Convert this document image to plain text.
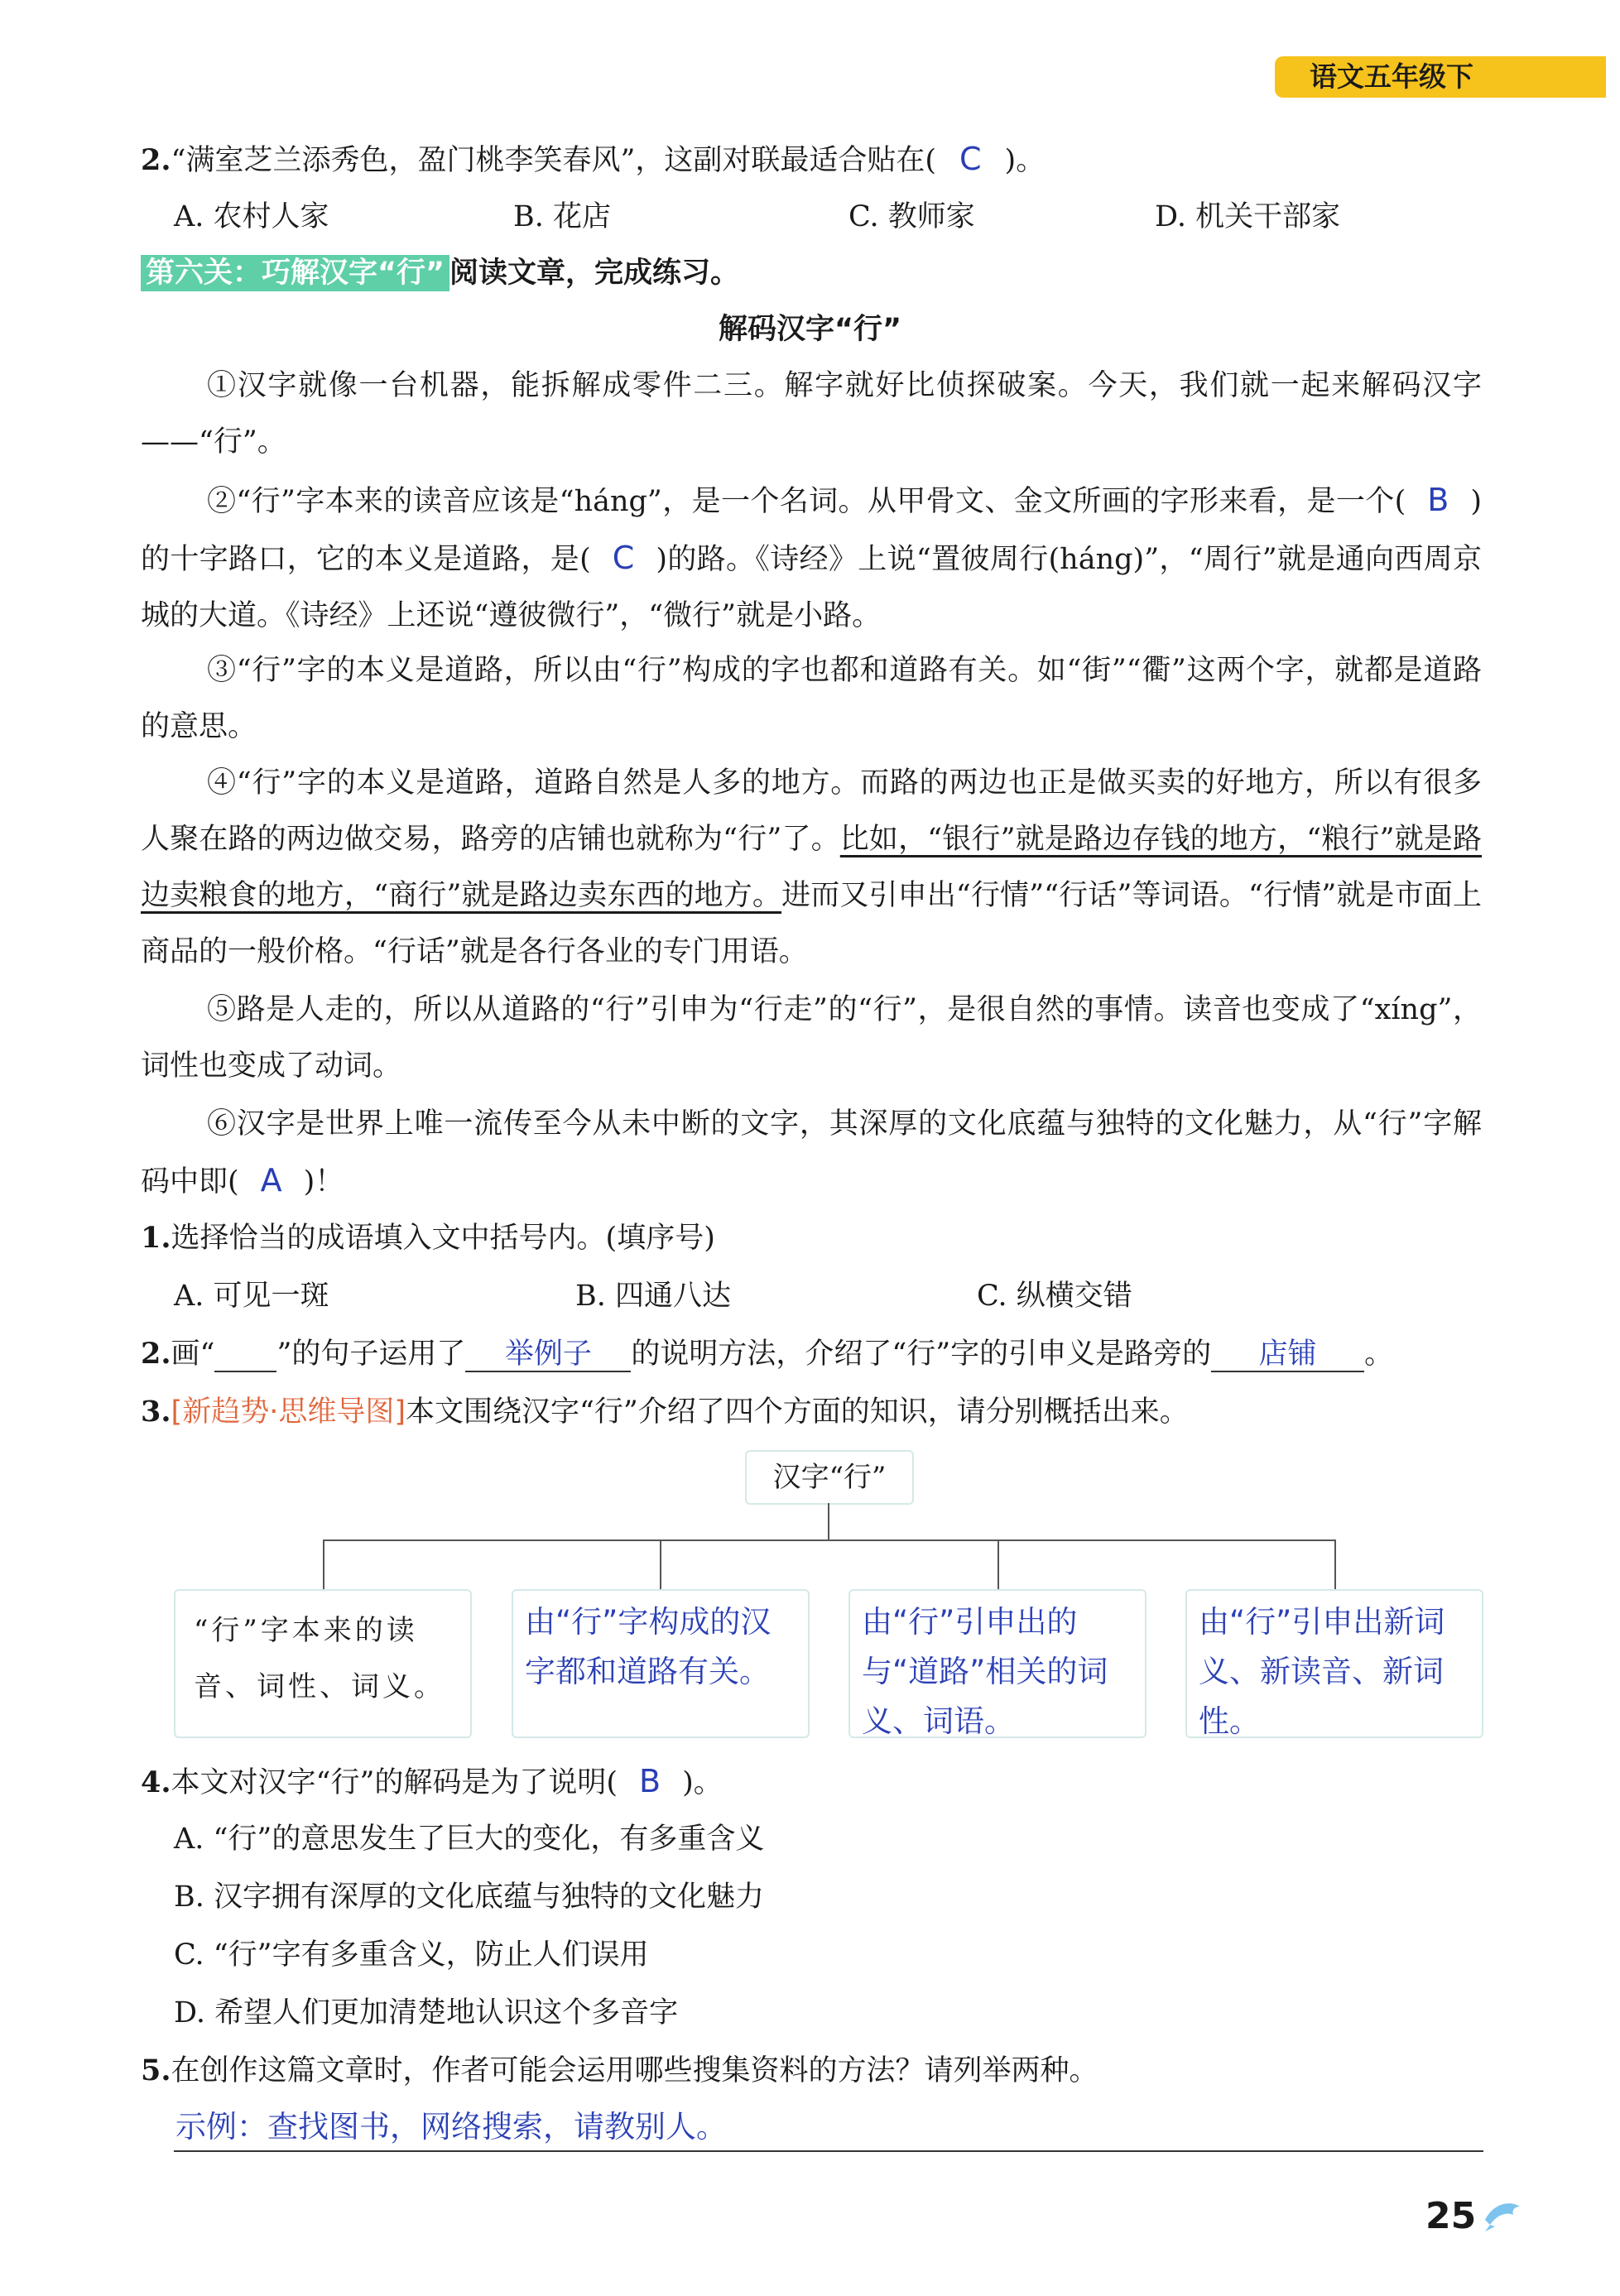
语文五年级下
2.“满室芝兰添秀色，盈门桃李笑春风”，这副对联最适合贴在( C )。
A. 农村人家	B. 花店	C. 教师家	D. 机关干部家
第六关：巧解汉字“行” 阅读文章，完成练习。
解码汉字“行”
①汉字就像一台机器，能拆解成零件二三。解字就好比侦探破案。今天，我们就一起来解码汉字——“行”。
②“行”字本来的读音应该是“háng”，是一个名词。从甲骨文、金文所画的字形来看，是一个( B )的十字路口，它的本义是道路，是( C )的路。《诗经》上说“置彼周行(háng)”，“周行”就是通向西周京城的大道。《诗经》上还说“遵彼微行”，“微行”就是小路。
③“行”字的本义是道路，所以由“行”构成的字也都和道路有关。如“街”“衢”这两个字，就都是道路的意思。
④“行”字的本义是道路，道路自然是人多的地方。而路的两边也正是做买卖的好地方，所以有很多人聚在路的两边做交易，路旁的店铺也就称为“行”了。比如，“银行”就是路边存钱的地方，“粮行”就是路边卖粮食的地方，“商行”就是路边卖东西的地方。进而又引申出“行情”“行话”等词语。“行情”就是市面上商品的一般价格。“行话”就是各行各业的专门用语。
⑤路是人走的，所以从道路的“行”引申为“行走”的“行”，是很自然的事情。读音也变成了“xíng”，词性也变成了动词。
⑥汉字是世界上唯一流传至今从未中断的文字，其深厚的文化底蕴与独特的文化魅力，从“行”字解码中即( A )！
1.选择恰当的成语填入文中括号内。(填序号)
A. 可见一斑	B. 四通八达	C. 纵横交错
2.画“ ”的句子运用了 举例子 的说明方法，介绍了“行”字的引申义是路旁的 店铺 。
3.[新趋势·思维导图]本文围绕汉字“行”介绍了四个方面的知识，请分别概括出来。
汉字“行”
“行”字本来的读音、词性、词义。
由“行”字构成的汉字都和道路有关。
由“行”引申出的与“道路”相关的词义、词语。
由“行”引申出新词义、新读音、新词性。
4.本文对汉字“行”的解码是为了说明( B )。
A. “行”的意思发生了巨大的变化，有多重含义
B. 汉字拥有深厚的文化底蕴与独特的文化魅力
C. “行”字有多重含义，防止人们误用
D. 希望人们更加清楚地认识这个多音字
5.在创作这篇文章时，作者可能会运用哪些搜集资料的方法？请列举两种。
示例：查找图书，网络搜索，请教别人。
25
